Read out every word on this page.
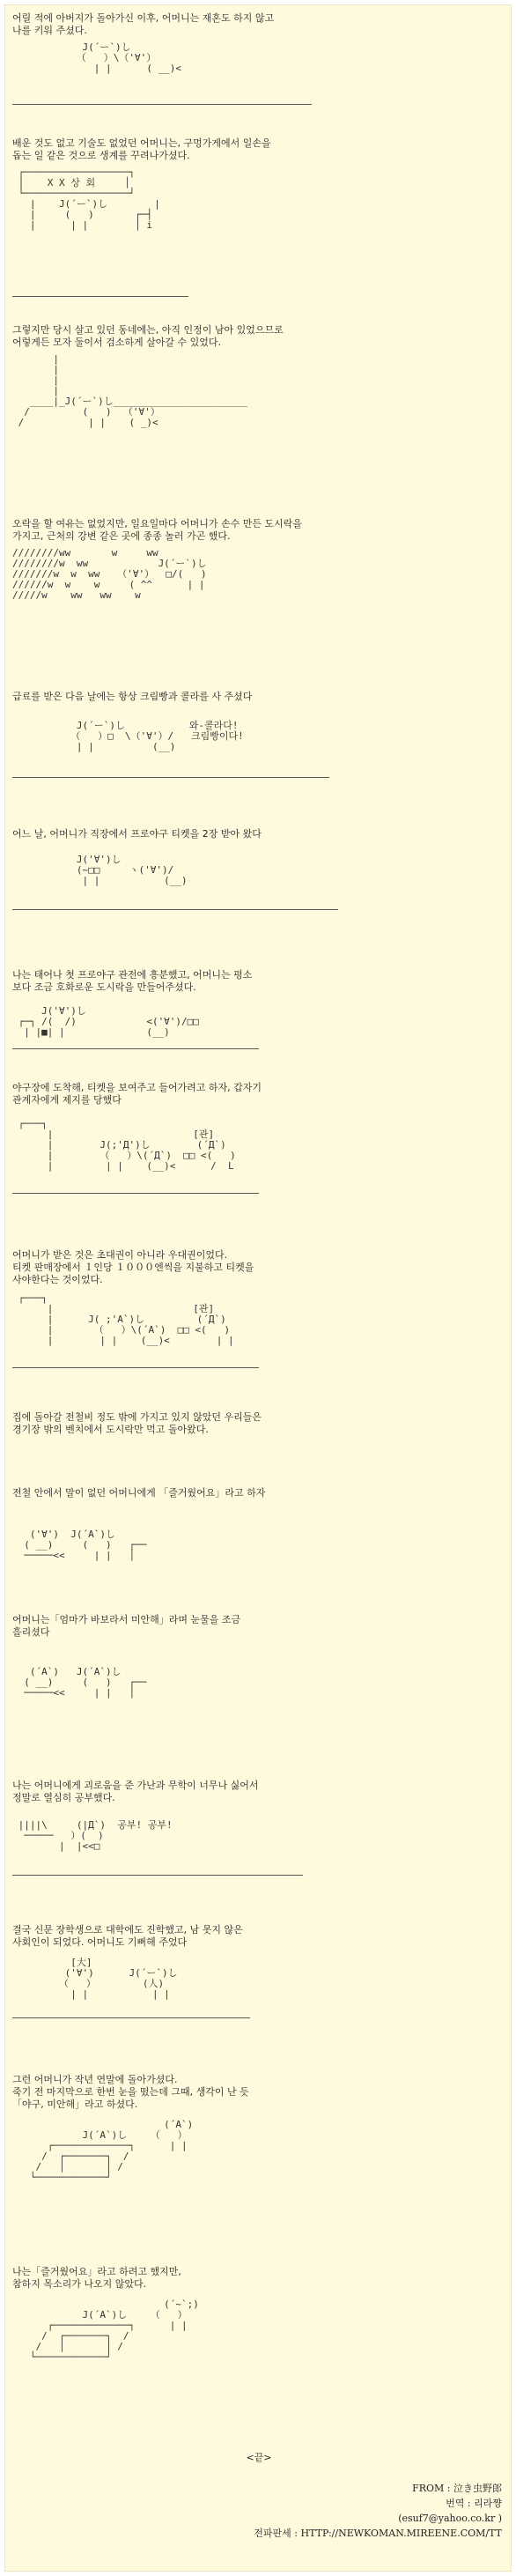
어릴 적에 아버지가 돌아가신 이후, 어머니는 재혼도 하지 않고
나를 키워 주셨다.

J(´ー`)し
（   ）\（'∀'）
| |      ( __)<

배운 것도 없고 기술도 없었던 어머니는, 구멍가게에서 일손을
돕는 일 같은 것으로 생계를 꾸려나가셨다.

┌──────────────────┐
│    X X 상 회     │
└──────────────────┘
|    J(´ー`)し        |
|     (   )       ┌─┤
|      | |        │ i

그렇지만 당시 살고 있던 동네에는, 아직 인정이 남아 있었으므로
어렇게든 모자 둘이서 검소하게 살아갈 수 있었다.

|
|
|
|
____|_J(´ー`)し_______________________
/         (   )  （'∀'）
/           | |    ( _)<

오락을 할 여유는 없었지만, 일요일마다 어머니가 손수 만든 도시락을
가지고, 근처의 강변 같은 곳에 종종 놀러 가곤 했다.

////////ww       w     ww
////////w  ww            J(´ー`)し
///////w  w  ww   （'∀'）  □/(   )
//////w  w    w     ( ^^      | |
/////w    ww   ww    w

급료를 받은 다음 날에는 항상 크림빵과 콜라를 사 주셨다

J(´ー`)し           와-콜라다!
（   ）□  \（'∀'）/   크림빵이다!
| |          (__)

어느 날, 어머니가 직장에서 프로야구 티켓을 2장 받아 왔다

J('∀')し
(~□□     ヽ('∀')/
| |           (__)

나는 태어나 첫 프로야구 관전에 흥분했고, 어머니는 평소
보다 조금 호화로운 도시락을 만들어주셨다.

J('∀')し
┌─┐ /(  /)            <('∀')/□□
| |■| |              (__)

야구장에 도착해, 티켓을 보여주고 들어가려고 하자, 갑자기
관계자에게 제지를 당했다

┌───┐
|                        [관]
|        J(;'Д')し        (´Д`)
|        （   ）\(´Д`)  □□ <(   )
|         | |    (__)<      /  L

어머니가 받은 것은 초대권이 아니라 우대권이었다.
티켓 판매장에서 １인당 １０００엔씩을 지불하고 티켓을
사야한다는 것이었다.

┌───┐
|                        [관]
|      J( ;'A`)し         (´Д`)
|       （   ）\(´A`)  □□ <(   )
|        | |    (__)<        | |

집에 돌아갈 전철비 정도 밖에 가지고 있지 않았던 우리들은
경기장 밖의 벤치에서 도시락만 먹고 돌아왔다.

전철 안에서 말이 없던 어머니에게 「즐거웠어요」라고 하자

('∀')  J(´A`)し
( __)     (   )   ┌──
─────<<     | |   │

어머니는「엄마가 바보라서 미안해」라며 눈물을 조금
흘리셨다

(´A`)   J(´A`)し
( __)     (   )   ┌──
─────<<     | |   │

나는 어머니에게 괴로움을 준 가난과 무학이 너무나 싫어서
정말로 열심히 공부했다.

||||\     (|Д`)  공부! 공부!
─────   ）(  )
|  |<<□

결국 신문 장학생으로 대학에도 진학했고, 남 못지 않은
사회인이 되었다. 어머니도 기뻐해 주었다

[大]
('∀')      J(´ー`)し
（   ）        (人)
| |           | |

그런 어머니가 작년 연말에 돌아가셨다.
죽기 전 마지막으로 한번 눈을 떴는데 그때, 생각이 난 듯
「야구, 미안해」라고 하셨다.

(´A`)
J(´A`)し    （   ）
┌─────────────┐      | |
/  ┌───────┐  /
/   │       │ /
└────────────┘

나는「즐거웠어요」라고 하려고 했지만,
참하지 목소리가 나오지 않았다.

(´~`;)
J(´A`)し    （   ）
┌─────────────┐      | |
/  ┌───────┐  /
/   │       │ /
└────────────┘
<끝>
FROM : 泣き虫野郎
번역 : 리라쨩
(esuf7@yahoo.co.kr )
전파판세 : HTTP://NEWKOMAN.MIREENE.COM/TT
